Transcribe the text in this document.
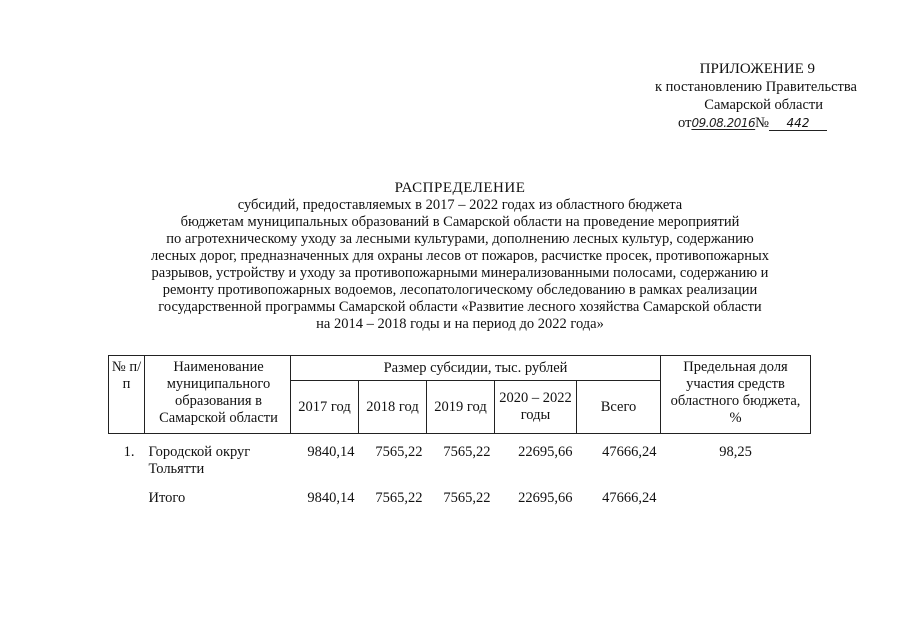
ПРИЛОЖЕНИЕ 9
к постановлению Правительства
Самарской области
от09.08.2016№ 442
РАСПРЕДЕЛЕНИЕ
субсидий, предоставляемых в 2017 – 2022 годах из областного бюджета
бюджетам муниципальных образований в Самарской области на проведение мероприятий
по агротехническому уходу за лесными культурами, дополнению лесных культур, содержанию
лесных дорог, предназначенных для охраны лесов от пожаров, расчистке просек, противопожарных
разрывов, устройству и уходу за противопожарными минерализованными полосами, содержанию и
ремонту противопожарных водоемов, лесопатологическому обследованию в рамках реализации
государственной программы Самарской области «Развитие лесного хозяйства Самарской области
на 2014 – 2018 годы и на период до 2022 года»
№ п/п	Наименование муниципального образования в Самарской области	Размер субсидии, тыс. рублей					Предельная доля участия средств областного бюджета, %
		2017 год	2018 год	2019 год	2020 – 2022 годы	Всего	
1.	Городской округ Тольятти	9840,14	7565,22	7565,22	22695,66	47666,24	98,25
	Итого	9840,14	7565,22	7565,22	22695,66	47666,24	
